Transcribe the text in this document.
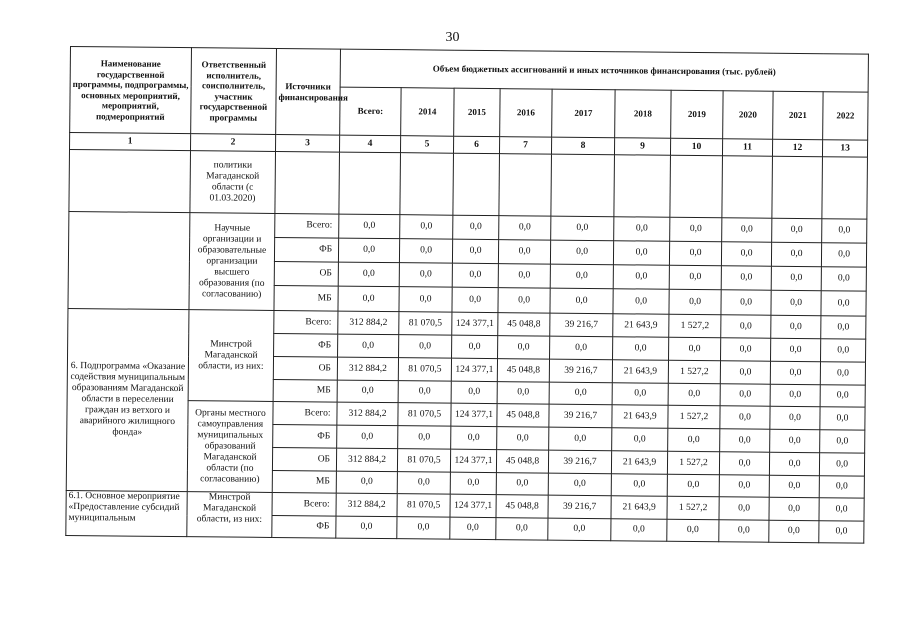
30
Наименование государственной программы, подпрограммы, основных мероприятий, мероприятий, подмероприятий	Ответственный исполнитель, соисполнитель, участник государственной программы	Источники финансирования	Объем бюджетных ассигнований и иных источников финансирования (тыс. рублей)									
			Всего:	2014	2015	2016	2017	2018	2019	2020	2021	2022
1	2	3	4	5	6	7	8	9	10	11	12	13
	политики Магаданской области (с 01.03.2020)											
	Научные организации и образовательные организации высшего образования (по согласованию)	Всего:	0,0	0,0	0,0	0,0	0,0	0,0	0,0	0,0	0,0	0,0
		ФБ	0,0	0,0	0,0	0,0	0,0	0,0	0,0	0,0	0,0	0,0
		ОБ	0,0	0,0	0,0	0,0	0,0	0,0	0,0	0,0	0,0	0,0
		МБ	0,0	0,0	0,0	0,0	0,0	0,0	0,0	0,0	0,0	0,0
6. Подпрограмма «Оказание содействия муниципальным образованиям Магаданской области в переселении граждан из ветхого и аварийного жилищного фонда»	Минстрой Магаданской области, из них:	Всего:	312 884,2	81 070,5	124 377,1	45 048,8	39 216,7	21 643,9	1 527,2	0,0	0,0	0,0
		ФБ	0,0	0,0	0,0	0,0	0,0	0,0	0,0	0,0	0,0	0,0
		ОБ	312 884,2	81 070,5	124 377,1	45 048,8	39 216,7	21 643,9	1 527,2	0,0	0,0	0,0
		МБ	0,0	0,0	0,0	0,0	0,0	0,0	0,0	0,0	0,0	0,0
	Органы местного самоуправления муниципальных образований Магаданской области (по согласованию)	Всего:	312 884,2	81 070,5	124 377,1	45 048,8	39 216,7	21 643,9	1 527,2	0,0	0,0	0,0
		ФБ	0,0	0,0	0,0	0,0	0,0	0,0	0,0	0,0	0,0	0,0
		ОБ	312 884,2	81 070,5	124 377,1	45 048,8	39 216,7	21 643,9	1 527,2	0,0	0,0	0,0
		МБ	0,0	0,0	0,0	0,0	0,0	0,0	0,0	0,0	0,0	0,0
6.1. Основное мероприятие «Предоставление субсидий муниципальным	Минстрой Магаданской области, из них:	Всего:	312 884,2	81 070,5	124 377,1	45 048,8	39 216,7	21 643,9	1 527,2	0,0	0,0	0,0
		ФБ	0,0	0,0	0,0	0,0	0,0	0,0	0,0	0,0	0,0	0,0
